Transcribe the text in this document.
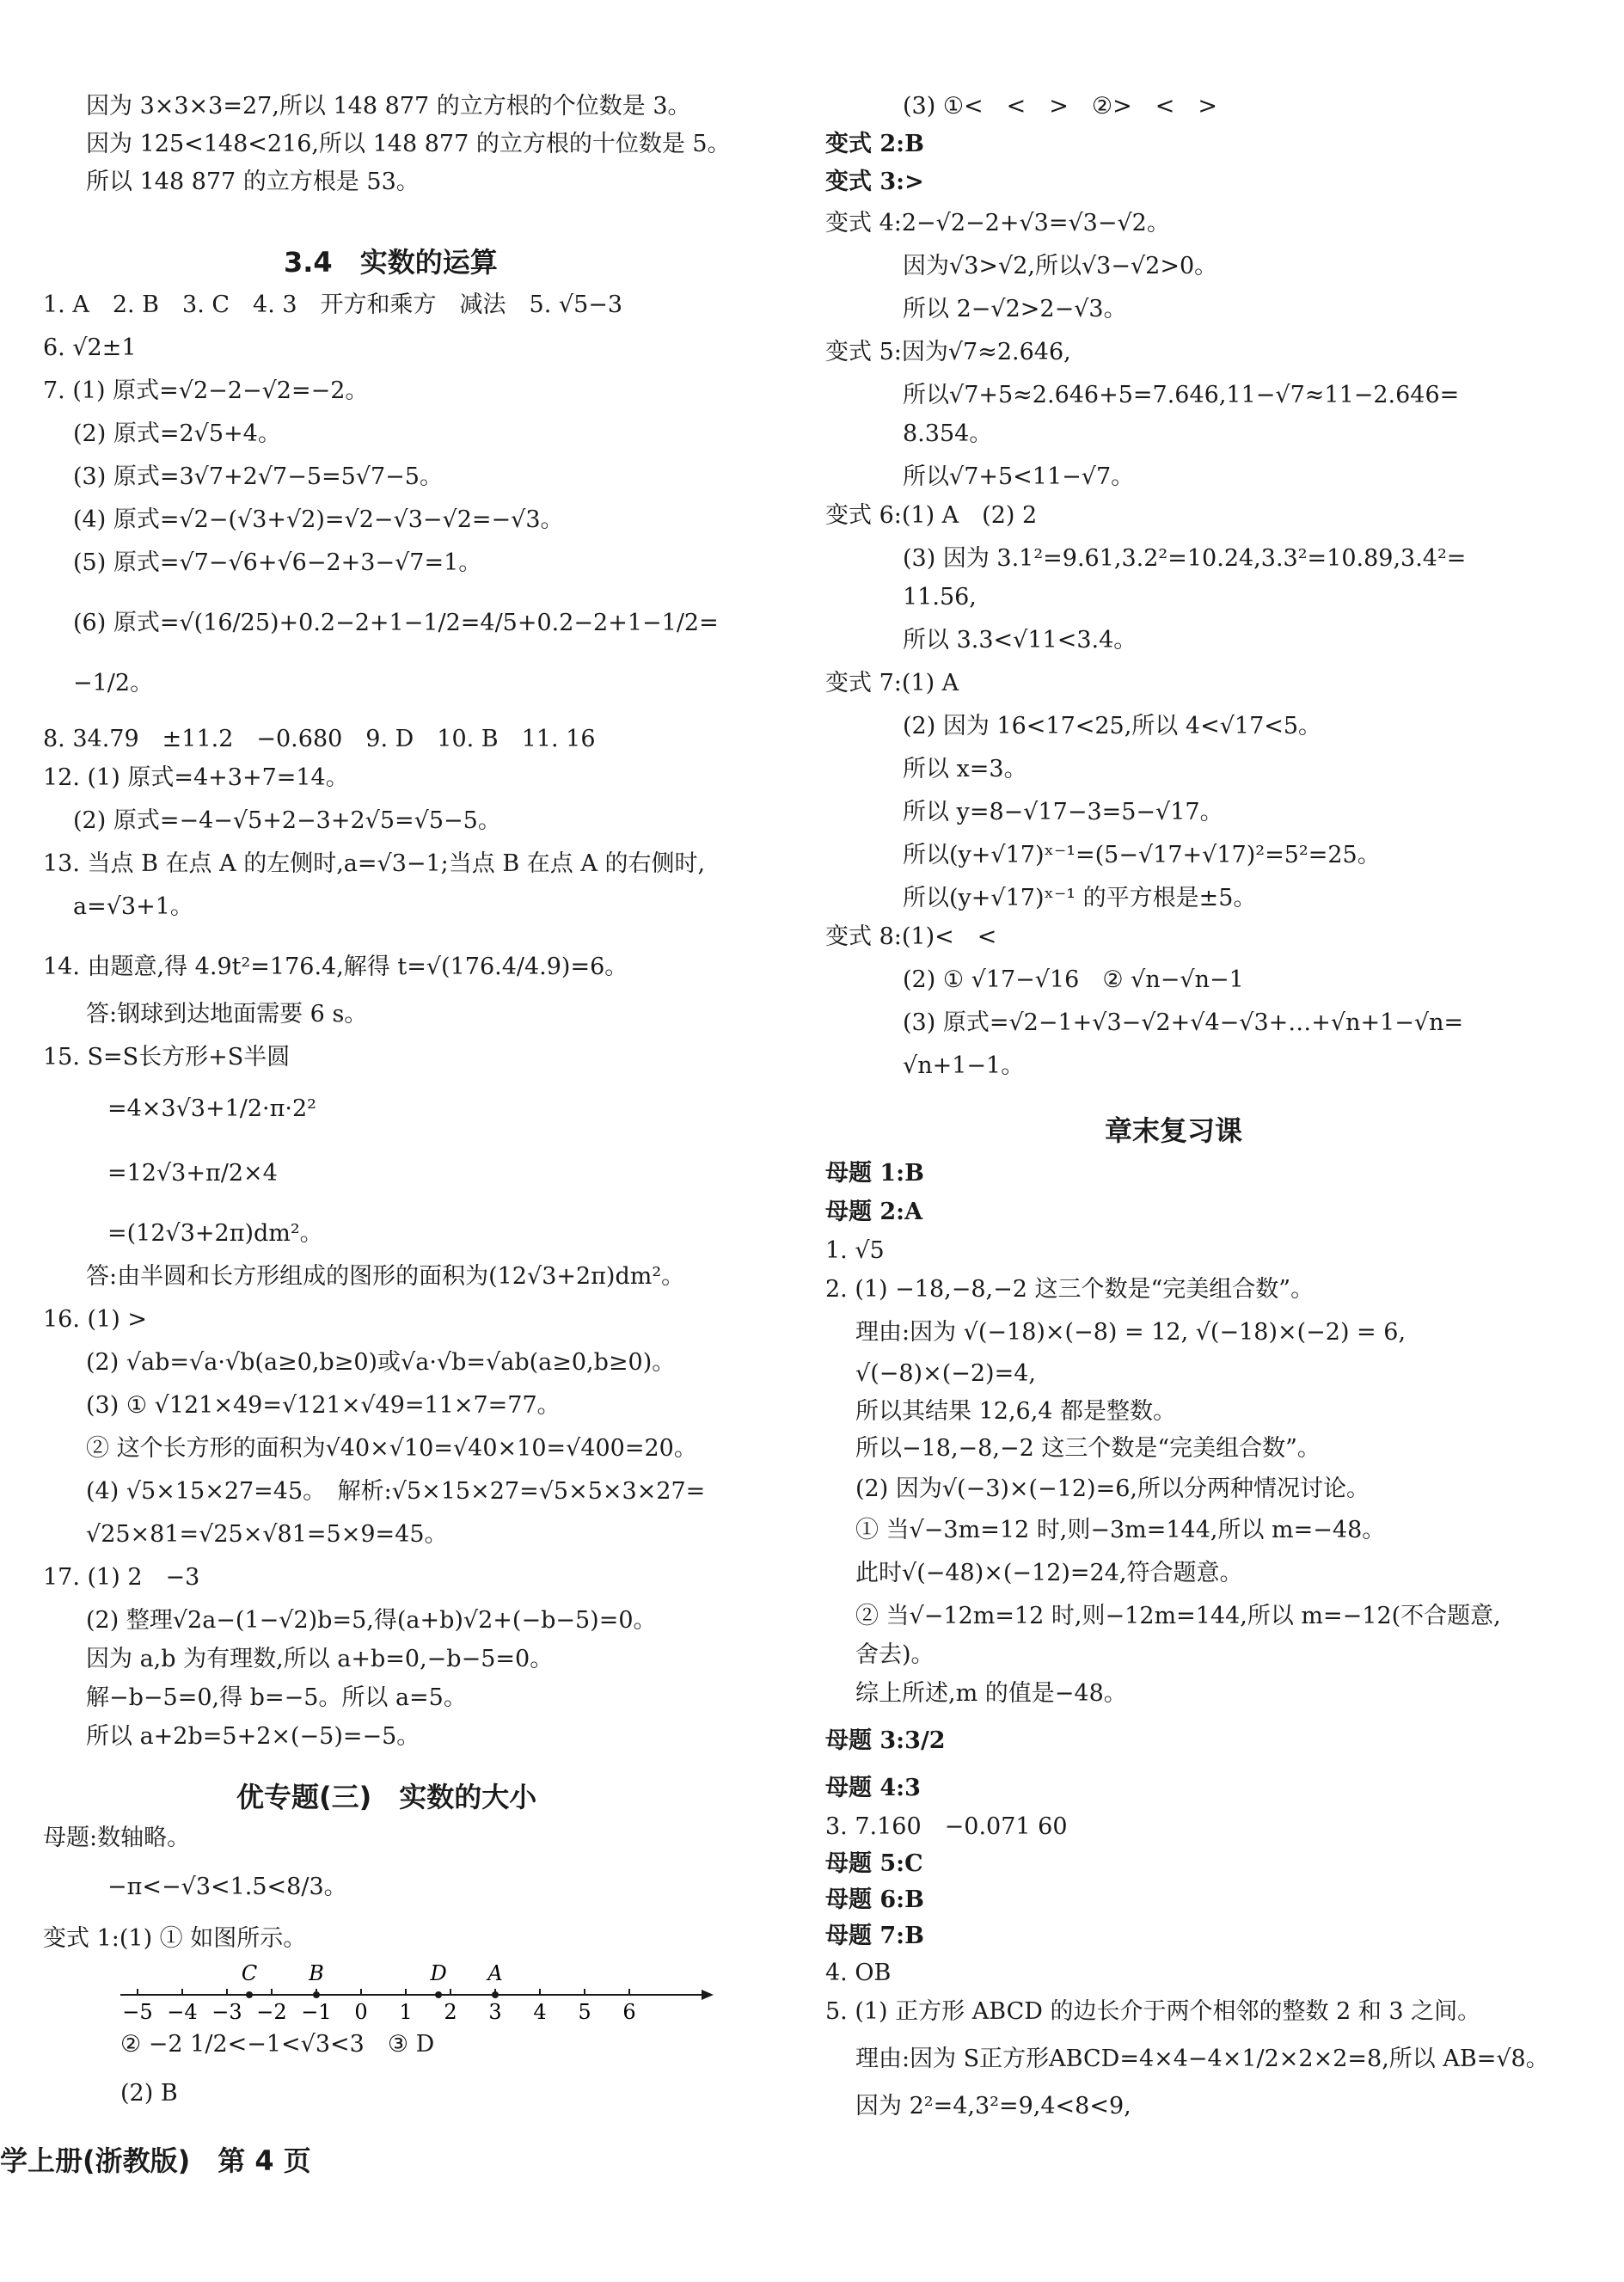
因为 3×3×3=27,所以 148 877 的立方根的个位数是 3。
因为 125<148<216,所以 148 877 的立方根的十位数是 5。
所以 148 877 的立方根是 53。
3.4　实数的运算
1. A　2. B　3. C　4. 3　开方和乘方　减法　5. √5−3
6. √2±1
7. (1) 原式=√2−2−√2=−2。
(2) 原式=2√5+4。
(3) 原式=3√7+2√7−5=5√7−5。
(4) 原式=√2−(√3+√2)=√2−√3−√2=−√3。
(5) 原式=√7−√6+√6−2+3−√7=1。
(6) 原式=√(16/25)+0.2−2+1−1/2=4/5+0.2−2+1−1/2=
−1/2。
8. 34.79　±11.2　−0.680　9. D　10. B　11. 16
12. (1) 原式=4+3+7=14。
(2) 原式=−4−√5+2−3+2√5=√5−5。
13. 当点 B 在点 A 的左侧时,a=√3−1;当点 B 在点 A 的右侧时,
a=√3+1。
14. 由题意,得 4.9t²=176.4,解得 t=√(176.4/4.9)=6。
答:钢球到达地面需要 6 s。
15. S=S长方形+S半圆
=4×3√3+1/2·π·2²
=12√3+π/2×4
=(12√3+2π)dm²。
答:由半圆和长方形组成的图形的面积为(12√3+2π)dm²。
16. (1) >
(2) √ab=√a·√b(a≥0,b≥0)或√a·√b=√ab(a≥0,b≥0)。
(3) ① √121×49=√121×√49=11×7=77。
② 这个长方形的面积为√40×√10=√40×10=√400=20。
(4) √5×15×27=45。　解析:√5×15×27=√5×5×3×27=
√25×81=√25×√81=5×9=45。
17. (1) 2　−3
(2) 整理√2a−(1−√2)b=5,得(a+b)√2+(−b−5)=0。
因为 a,b 为有理数,所以 a+b=0,−b−5=0。
解−b−5=0,得 b=−5。所以 a=5。
所以 a+2b=5+2×(−5)=−5。
优专题(三)　实数的大小
母题:数轴略。
−π<−√3<1.5<8/3。
变式 1:(1) ① 如图所示。
−5 −4 −3 −2 −1 0 1 2 3 4 5 6
C B	D A
② −2 1/2<−1<√3<3　③ D
(2) B
(3) ①<　<　>　②>　<　>
变式 2:B
变式 3:>
变式 4:2−√2−2+√3=√3−√2。
因为√3>√2,所以√3−√2>0。
所以 2−√2>2−√3。
变式 5:因为√7≈2.646,
所以√7+5≈2.646+5=7.646,11−√7≈11−2.646=
8.354。
所以√7+5<11−√7。
变式 6:(1) A　(2) 2
(3) 因为 3.1²=9.61,3.2²=10.24,3.3²=10.89,3.4²=
11.56,
所以 3.3<√11<3.4。
变式 7:(1) A
(2) 因为 16<17<25,所以 4<√17<5。
所以 x=3。
所以 y=8−√17−3=5−√17。
所以(y+√17)ˣ⁻¹=(5−√17+√17)²=5²=25。
所以(y+√17)ˣ⁻¹ 的平方根是±5。
变式 8:(1)<　<
(2) ① √17−√16　② √n−√n−1
(3) 原式=√2−1+√3−√2+√4−√3+…+√n+1−√n=
√n+1−1。
章末复习课
母题 1:B
母题 2:A
1. √5
2. (1) −18,−8,−2 这三个数是“完美组合数”。
理由:因为 √(−18)×(−8) = 12, √(−18)×(−2) = 6,
√(−8)×(−2)=4,
所以其结果 12,6,4 都是整数。
所以−18,−8,−2 这三个数是“完美组合数”。
(2) 因为√(−3)×(−12)=6,所以分两种情况讨论。
① 当√−3m=12 时,则−3m=144,所以 m=−48。
此时√(−48)×(−12)=24,符合题意。
② 当√−12m=12 时,则−12m=144,所以 m=−12(不合题意,
舍去)。
综上所述,m 的值是−48。
母题 3:3/2
母题 4:3
3. 7.160　−0.071 60
母题 5:C
母题 6:B
母题 7:B
4. OB
5. (1) 正方形 ABCD 的边长介于两个相邻的整数 2 和 3 之间。
理由:因为 S正方形ABCD=4×4−4×1/2×2×2=8,所以 AB=√8。
因为 2²=4,3²=9,4<8<9,
学上册(浙教版)　第 4 页
